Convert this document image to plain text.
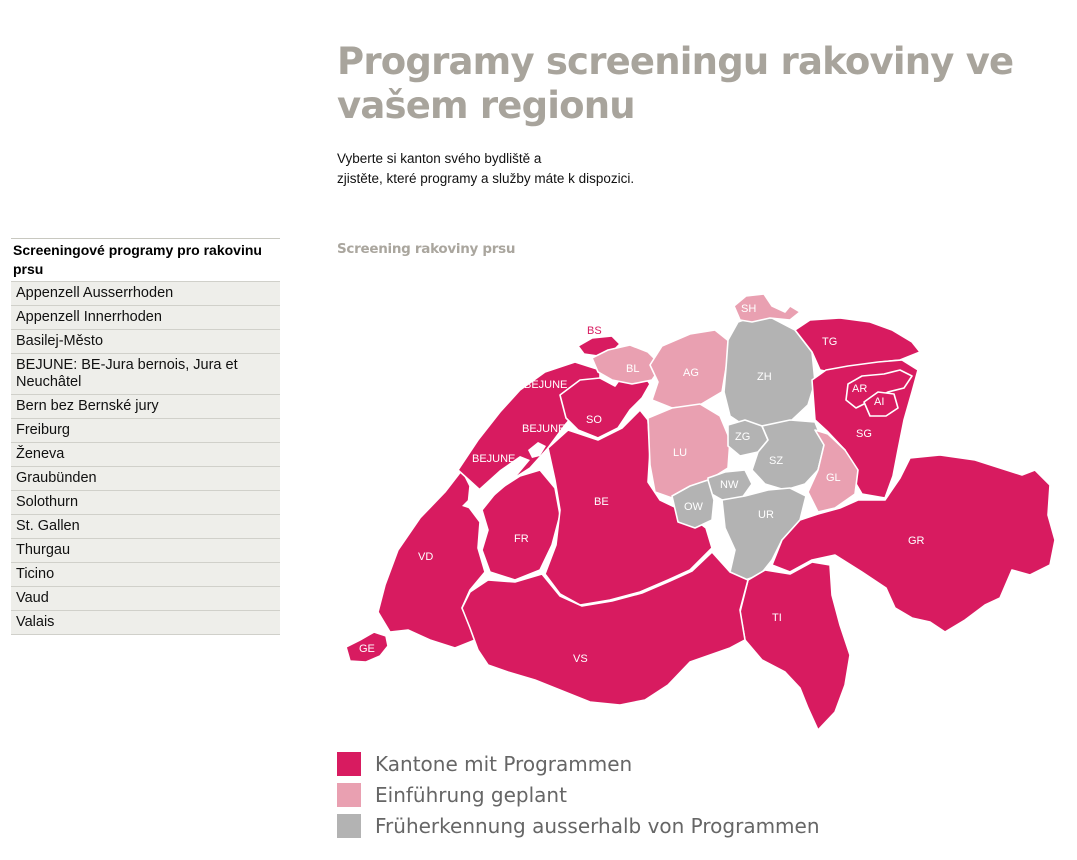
Programy screeningu rakoviny ve vašem regionu
Vyberte si kanton svého bydliště a
zjistěte, které programy a služby máte k dispozici.
Screeningové programy pro rakovinu prsu
Appenzell Ausserrhoden
Appenzell Innerrhoden
Basilej-Město
BEJUNE: BE-Jura bernois, Jura et Neuchâtel
Bern bez Bernské jury
Freiburg
Ženeva
Graubünden
Solothurn
St. Gallen
Thurgau
Ticino
Vaud
Valais
Screening rakoviny prsu
GE
VD
BEJUNE
BEJUNE
BEJUNE
FR
BS
SO
BL	AG
BE
LU
ZH
SH
TG
SG
AR
AI
ZG
SZ
GL
NW
OW
UR
GR
TI
VS
Kantone mit Programmen
Einführung geplant
Früherkennung ausserhalb von Programmen
